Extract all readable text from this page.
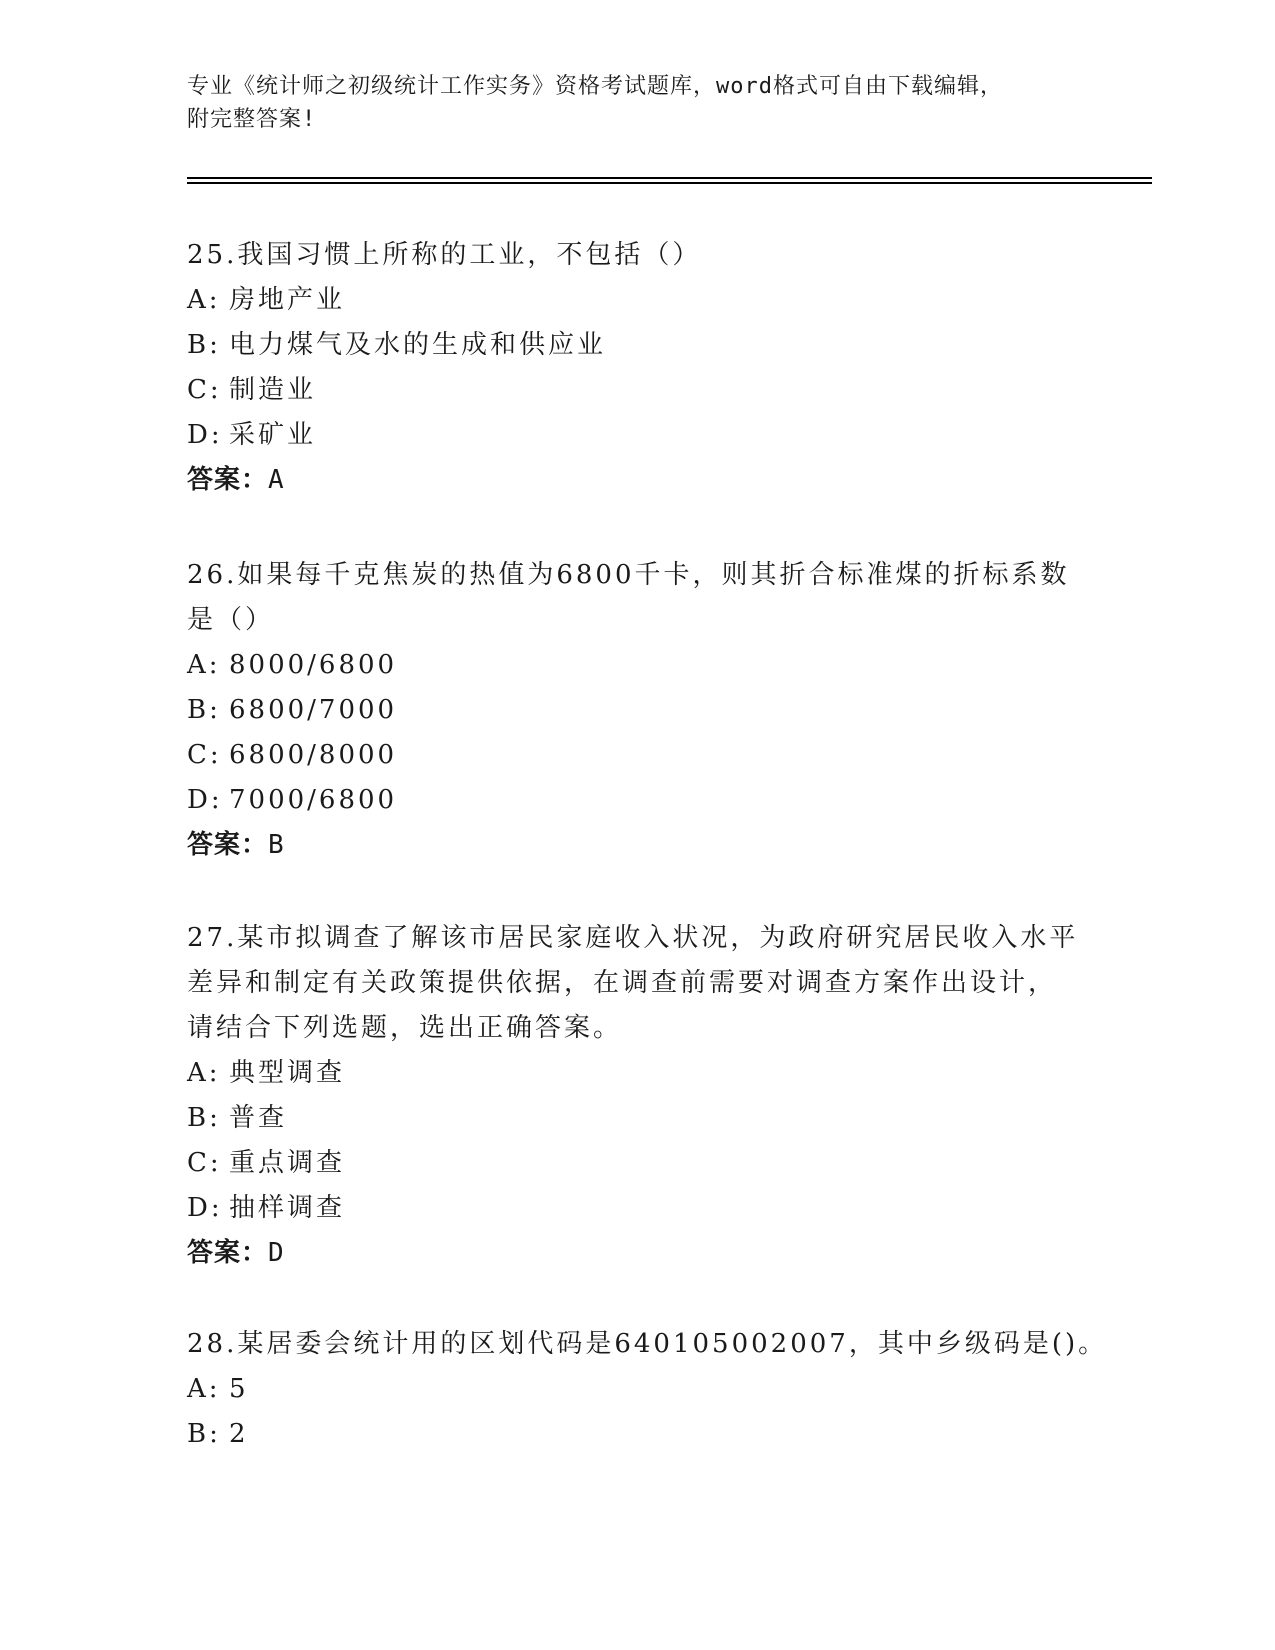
专业《统计师之初级统计工作实务》资格考试题库，word格式可自由下载编辑，
附完整答案!
25.我国习惯上所称的工业，不包括（）
A: 房地产业
B: 电力煤气及水的生成和供应业
C: 制造业
D: 采矿业
答案：A
26.如果每千克焦炭的热值为6800千卡，则其折合标准煤的折标系数
是（）
A: 8000/6800
B: 6800/7000
C: 6800/8000
D: 7000/6800
答案：B
27.某市拟调查了解该市居民家庭收入状况，为政府研究居民收入水平
差异和制定有关政策提供依据，在调查前需要对调查方案作出设计，
请结合下列选题，选出正确答案。
A: 典型调查
B: 普查
C: 重点调查
D: 抽样调查
答案：D
28.某居委会统计用的区划代码是640105002007，其中乡级码是()。
A: 5
B: 2
